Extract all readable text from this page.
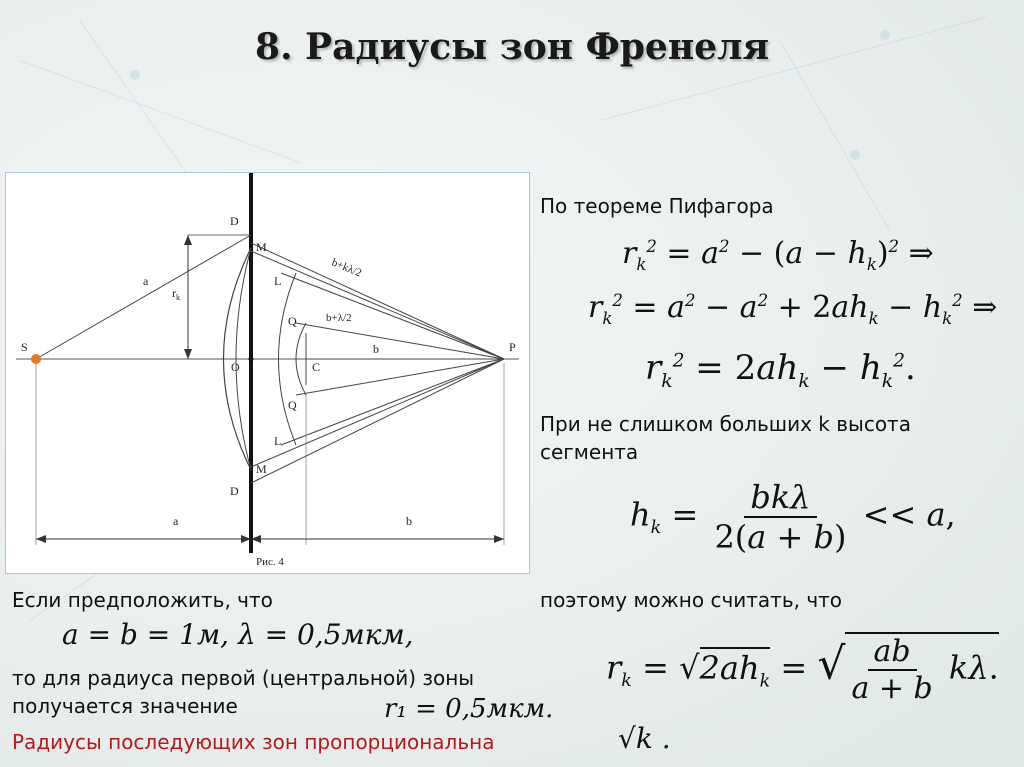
8. Радиусы зон Френеля
S	P
O	C
D
D
M
M
L
L
Q
Q
a
$r_k$
b
b+λ/2
b+kλ/2
a	b
Рис. 4
По теореме Пифагора
$r_k^2 = a^2 - (a - h_k)^2$ ⇒
$r_k^2 = a^2 - a^2 + 2ah_k - h_k^2$ ⇒
$r_k^2 = 2ah_k - h_k^2$.
При не слишком больших k высота сегмента
$h_k = \frac{\text{bkλ}}{2(a + b)} << a$,
поэтому можно считать, что
$r_k = √2ah_k$ = √ $\frac{ab}{a + b} k\lambda$.
Если предположить, что
a = b = 1м, λ = 0,5мкм,
то для радиуса первой (центральной) зоны получается значение	r₁ = 0,5мкм.
Радиусы последующих зон пропорциональна	√k .
